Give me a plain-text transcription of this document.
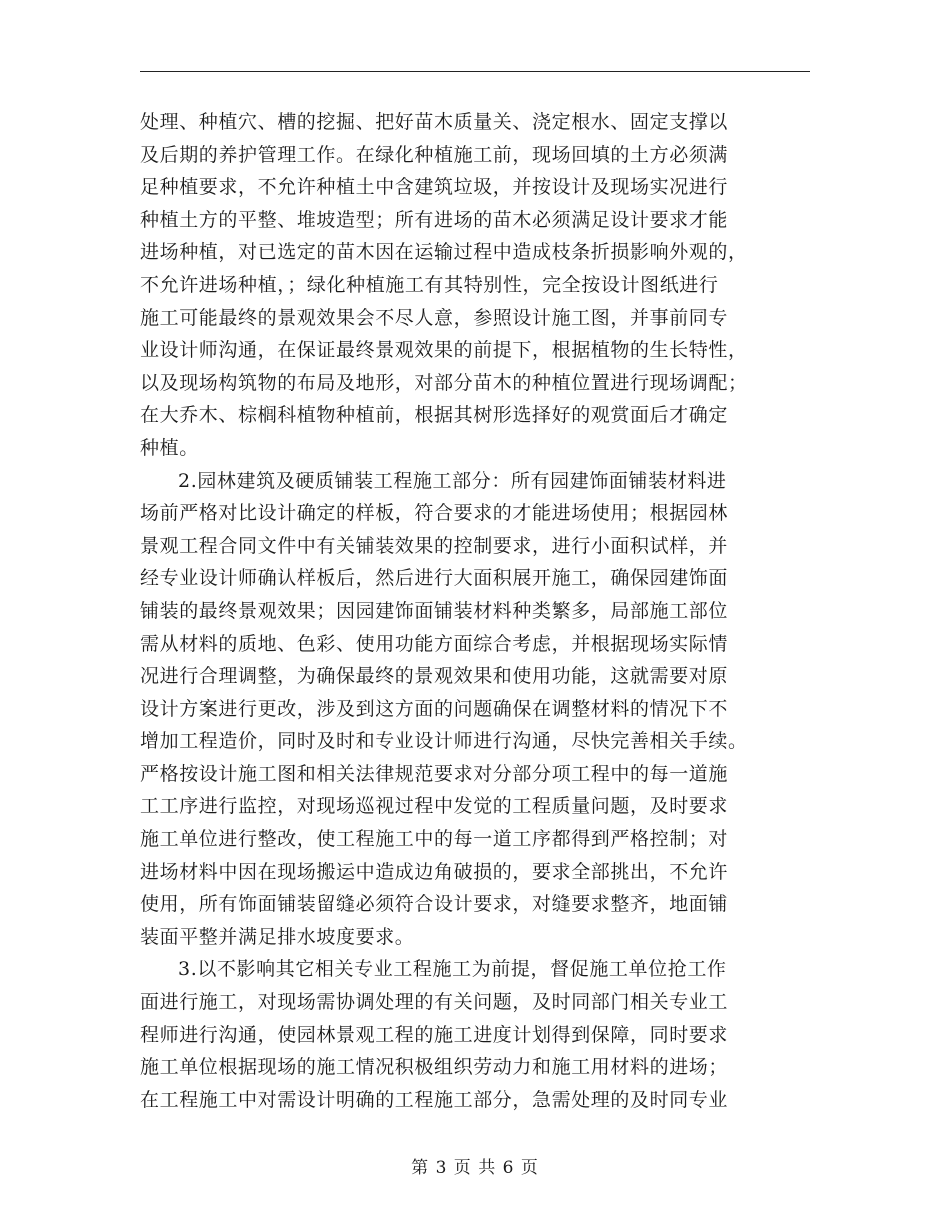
处理、种植穴、槽的挖掘、把好苗木质量关、浇定根水、固定支撑以
及后期的养护管理工作。在绿化种植施工前，现场回填的土方必须满
足种植要求，不允许种植土中含建筑垃圾，并按设计及现场实况进行
种植土方的平整、堆坡造型；所有进场的苗木必须满足设计要求才能
进场种植，对已选定的苗木因在运输过程中造成枝条折损影响外观的，
不允许进场种植，；绿化种植施工有其特别性，完全按设计图纸进行
施工可能最终的景观效果会不尽人意，参照设计施工图，并事前同专
业设计师沟通，在保证最终景观效果的前提下，根据植物的生长特性，
以及现场构筑物的布局及地形，对部分苗木的种植位置进行现场调配；
在大乔木、棕榈科植物种植前，根据其树形选择好的观赏面后才确定
种植。
2.园林建筑及硬质铺装工程施工部分：所有园建饰面铺装材料进
场前严格对比设计确定的样板，符合要求的才能进场使用；根据园林
景观工程合同文件中有关铺装效果的控制要求，进行小面积试样，并
经专业设计师确认样板后，然后进行大面积展开施工，确保园建饰面
铺装的最终景观效果；因园建饰面铺装材料种类繁多，局部施工部位
需从材料的质地、色彩、使用功能方面综合考虑，并根据现场实际情
况进行合理调整，为确保最终的景观效果和使用功能，这就需要对原
设计方案进行更改，涉及到这方面的问题确保在调整材料的情况下不
增加工程造价，同时及时和专业设计师进行沟通，尽快完善相关手续。
严格按设计施工图和相关法律规范要求对分部分项工程中的每一道施
工工序进行监控，对现场巡视过程中发觉的工程质量问题，及时要求
施工单位进行整改，使工程施工中的每一道工序都得到严格控制；对
进场材料中因在现场搬运中造成边角破损的，要求全部挑出，不允许
使用，所有饰面铺装留缝必须符合设计要求，对缝要求整齐，地面铺
装面平整并满足排水坡度要求。
3.以不影响其它相关专业工程施工为前提，督促施工单位抢工作
面进行施工，对现场需协调处理的有关问题，及时同部门相关专业工
程师进行沟通，使园林景观工程的施工进度计划得到保障，同时要求
施工单位根据现场的施工情况积极组织劳动力和施工用材料的进场；
在工程施工中对需设计明确的工程施工部分，急需处理的及时同专业
第 3 页 共 6 页
